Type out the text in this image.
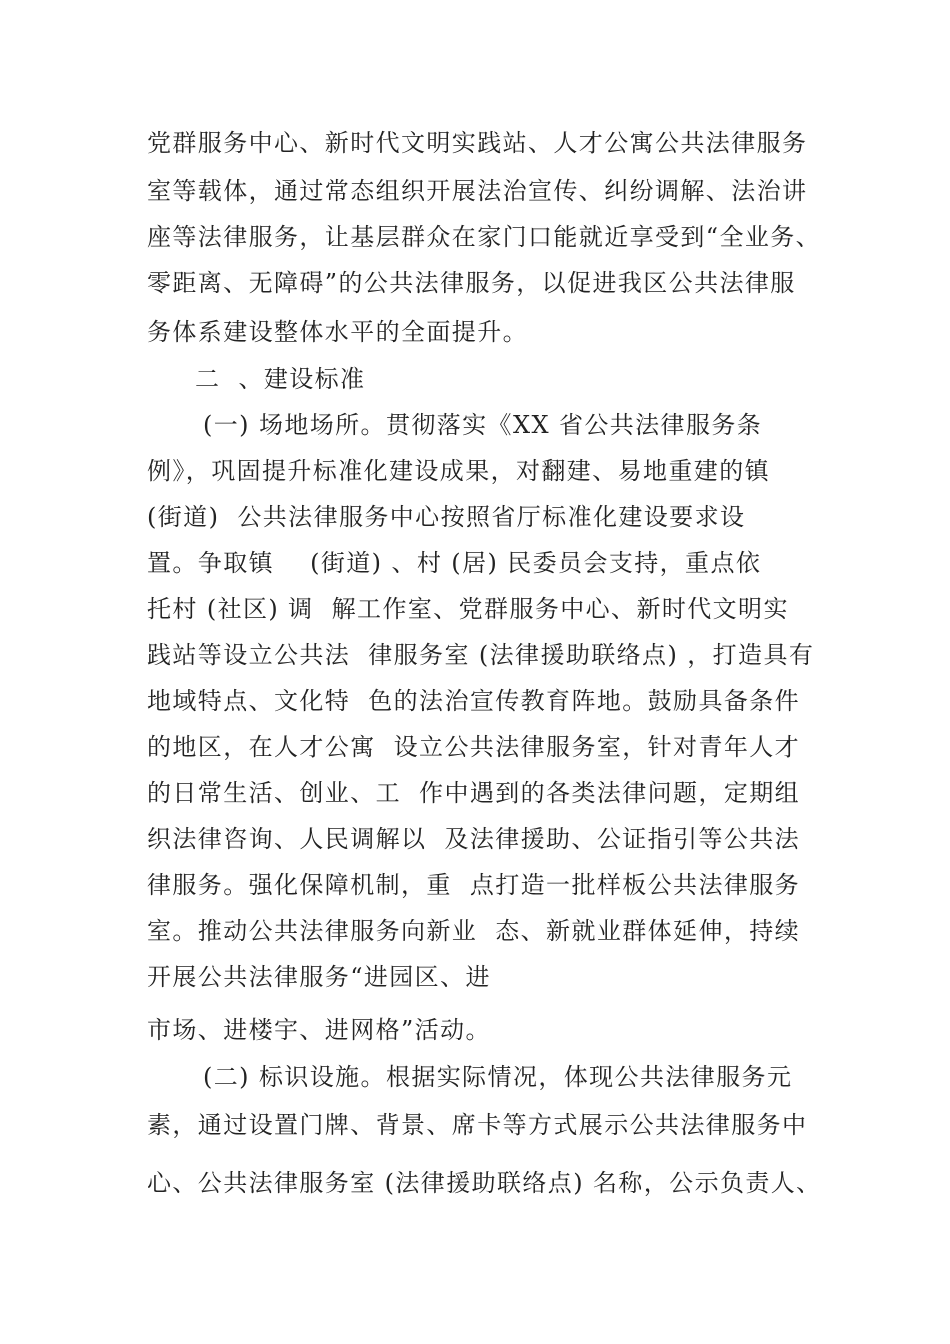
党群服务中心、新时代文明实践站、人才公寓公共法律服务
室等载体，通过常态组织开展法治宣传、纠纷调解、法治讲
座等法律服务，让基层群众在家门口能就近享受到“全业务、
零距离、无障碍”的公共法律服务，以促进我区公共法律服
务体系建设整体水平的全面提升。
二  、建设标准
(一) 场地场所。贯彻落实《XX 省公共法律服务条
例》，巩固提升标准化建设成果，对翻建、易地重建的镇
(街道)  公共法律服务中心按照省厅标准化建设要求设
置。争取镇    (街道) 、村 (居) 民委员会支持，重点依
托村 (社区) 调  解工作室、党群服务中心、新时代文明实
践站等设立公共法  律服务室 (法律援助联络点) ，打造具有
地域特点、文化特  色的法治宣传教育阵地。鼓励具备条件
的地区，在人才公寓  设立公共法律服务室，针对青年人才
的日常生活、创业、工  作中遇到的各类法律问题，定期组
织法律咨询、人民调解以  及法律援助、公证指引等公共法
律服务。强化保障机制，重  点打造一批样板公共法律服务
室。推动公共法律服务向新业  态、新就业群体延伸，持续
开展公共法律服务“进园区、进
市场、进楼宇、进网格”活动。
(二) 标识设施。根据实际情况，体现公共法律服务元
素，通过设置门牌、背景、席卡等方式展示公共法律服务中
心、公共法律服务室 (法律援助联络点) 名称，公示负责人、
